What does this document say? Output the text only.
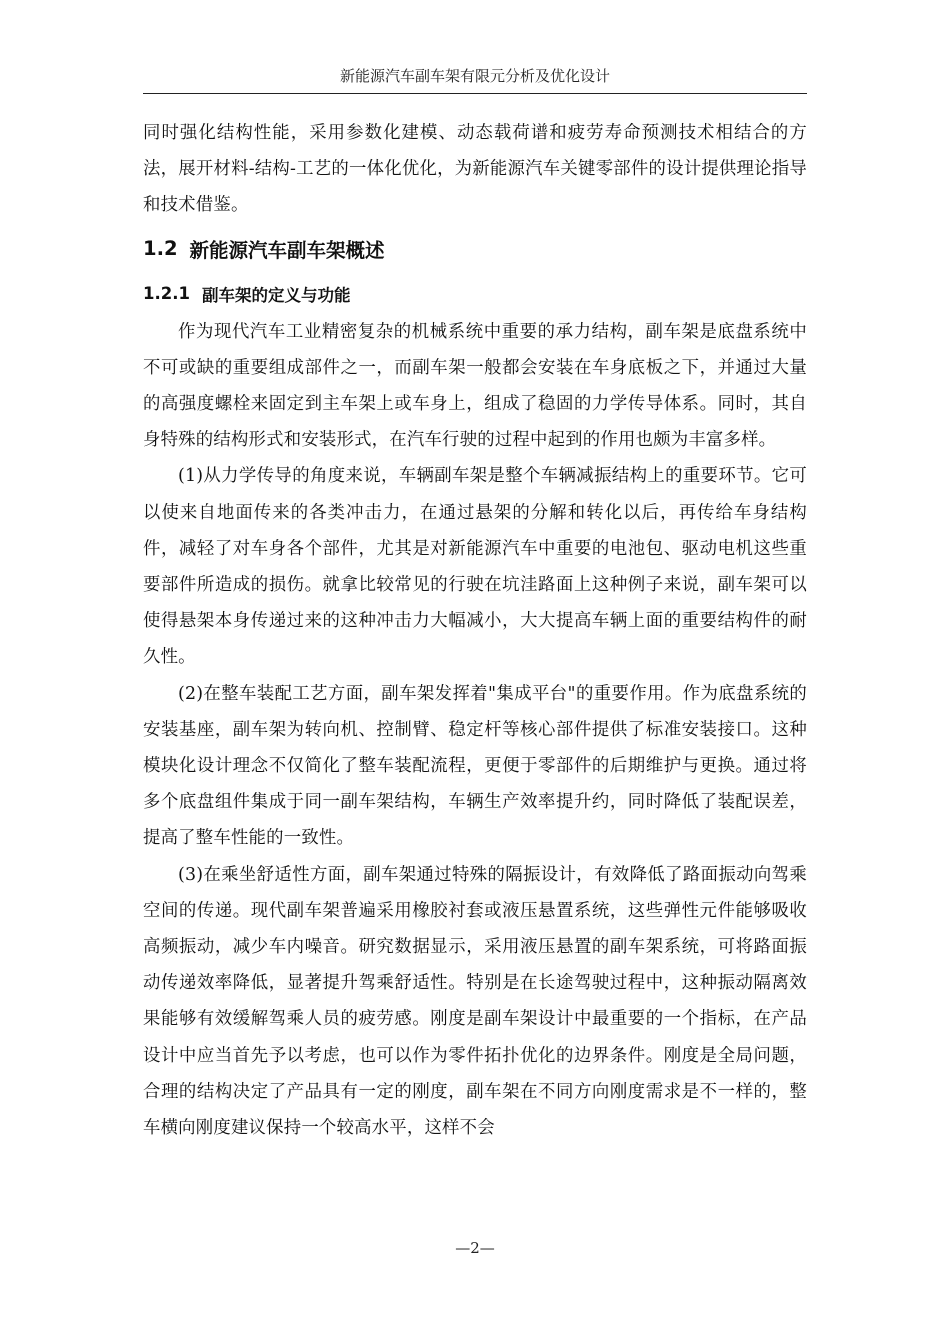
新能源汽车副车架有限元分析及优化设计

同时强化结构性能，采用参数化建模、动态载荷谱和疲劳寿命预测技术相结合的方法，展开材料-结构-工艺的一体化优化，为新能源汽车关键零部件的设计提供理论指导和技术借鉴。

1.2 新能源汽车副车架概述
1.2.1 副车架的定义与功能

作为现代汽车工业精密复杂的机械系统中重要的承力结构，副车架是底盘系统中不可或缺的重要组成部件之一，而副车架一般都会安装在车身底板之下，并通过大量的高强度螺栓来固定到主车架上或车身上，组成了稳固的力学传导体系。同时，其自身特殊的结构形式和安装形式，在汽车行驶的过程中起到的作用也颇为丰富多样。

(1)从力学传导的角度来说，车辆副车架是整个车辆减振结构上的重要环节。它可以使来自地面传来的各类冲击力，在通过悬架的分解和转化以后，再传给车身结构件，减轻了对车身各个部件，尤其是对新能源汽车中重要的电池包、驱动电机这些重要部件所造成的损伤。就拿比较常见的行驶在坑洼路面上这种例子来说，副车架可以使得悬架本身传递过来的这种冲击力大幅减小，大大提高车辆上面的重要结构件的耐久性。

(2)在整车装配工艺方面，副车架发挥着"集成平台"的重要作用。作为底盘系统的安装基座，副车架为转向机、控制臂、稳定杆等核心部件提供了标准安装接口。这种模块化设计理念不仅简化了整车装配流程，更便于零部件的后期维护与更换。通过将多个底盘组件集成于同一副车架结构，车辆生产效率提升约，同时降低了装配误差，提高了整车性能的一致性。

(3)在乘坐舒适性方面，副车架通过特殊的隔振设计，有效降低了路面振动向驾乘空间的传递。现代副车架普遍采用橡胶衬套或液压悬置系统，这些弹性元件能够吸收高频振动，减少车内噪音。研究数据显示，采用液压悬置的副车架系统，可将路面振动传递效率降低，显著提升驾乘舒适性。特别是在长途驾驶过程中，这种振动隔离效果能够有效缓解驾乘人员的疲劳感。刚度是副车架设计中最重要的一个指标，在产品设计中应当首先予以考虑，也可以作为零件拓扑优化的边界条件。刚度是全局问题，合理的结构决定了产品具有一定的刚度，副车架在不同方向刚度需求是不一样的，整车横向刚度建议保持一个较高水平，这样不会

—2—
